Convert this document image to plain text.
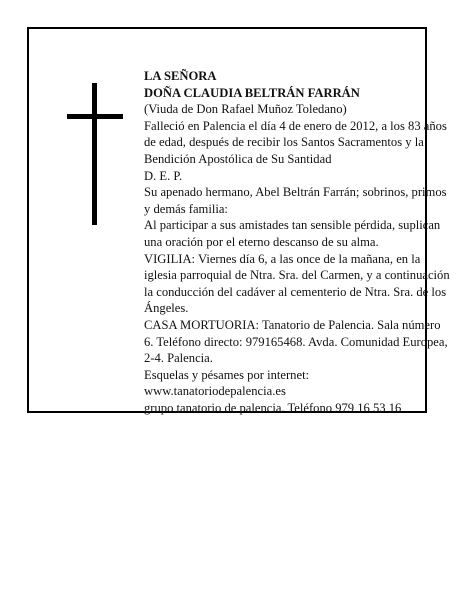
LA SEÑORA

DOÑA CLAUDIA BELTRÁN FARRÁN

(Viuda de Don Rafael Muñoz Toledano)

Falleció en Palencia el día 4 de enero de 2012, a los 83 años de edad, después de recibir los Santos Sacramentos y la Bendición Apostólica de Su Santidad

D. E. P.

Su apenado hermano, Abel Beltrán Farrán; sobrinos, primos y demás familia:

Al participar a sus amistades tan sensible pérdida, suplican una oración por el eterno descanso de su alma.

VIGILIA: Viernes día 6, a las once de la mañana, en la iglesia parroquial de Ntra. Sra. del Carmen, y a continuación la conducción del cadáver al cementerio de Ntra. Sra. de los Ángeles.

CASA MORTUORIA: Tanatorio de Palencia. Sala número 6. Teléfono directo: 979165468. Avda. Comunidad Europea, 2-4. Palencia.

Esquelas y pésames por internet:

www.tanatoriodepalencia.es

grupo tanatorio de palencia. Teléfono 979 16 53 16
